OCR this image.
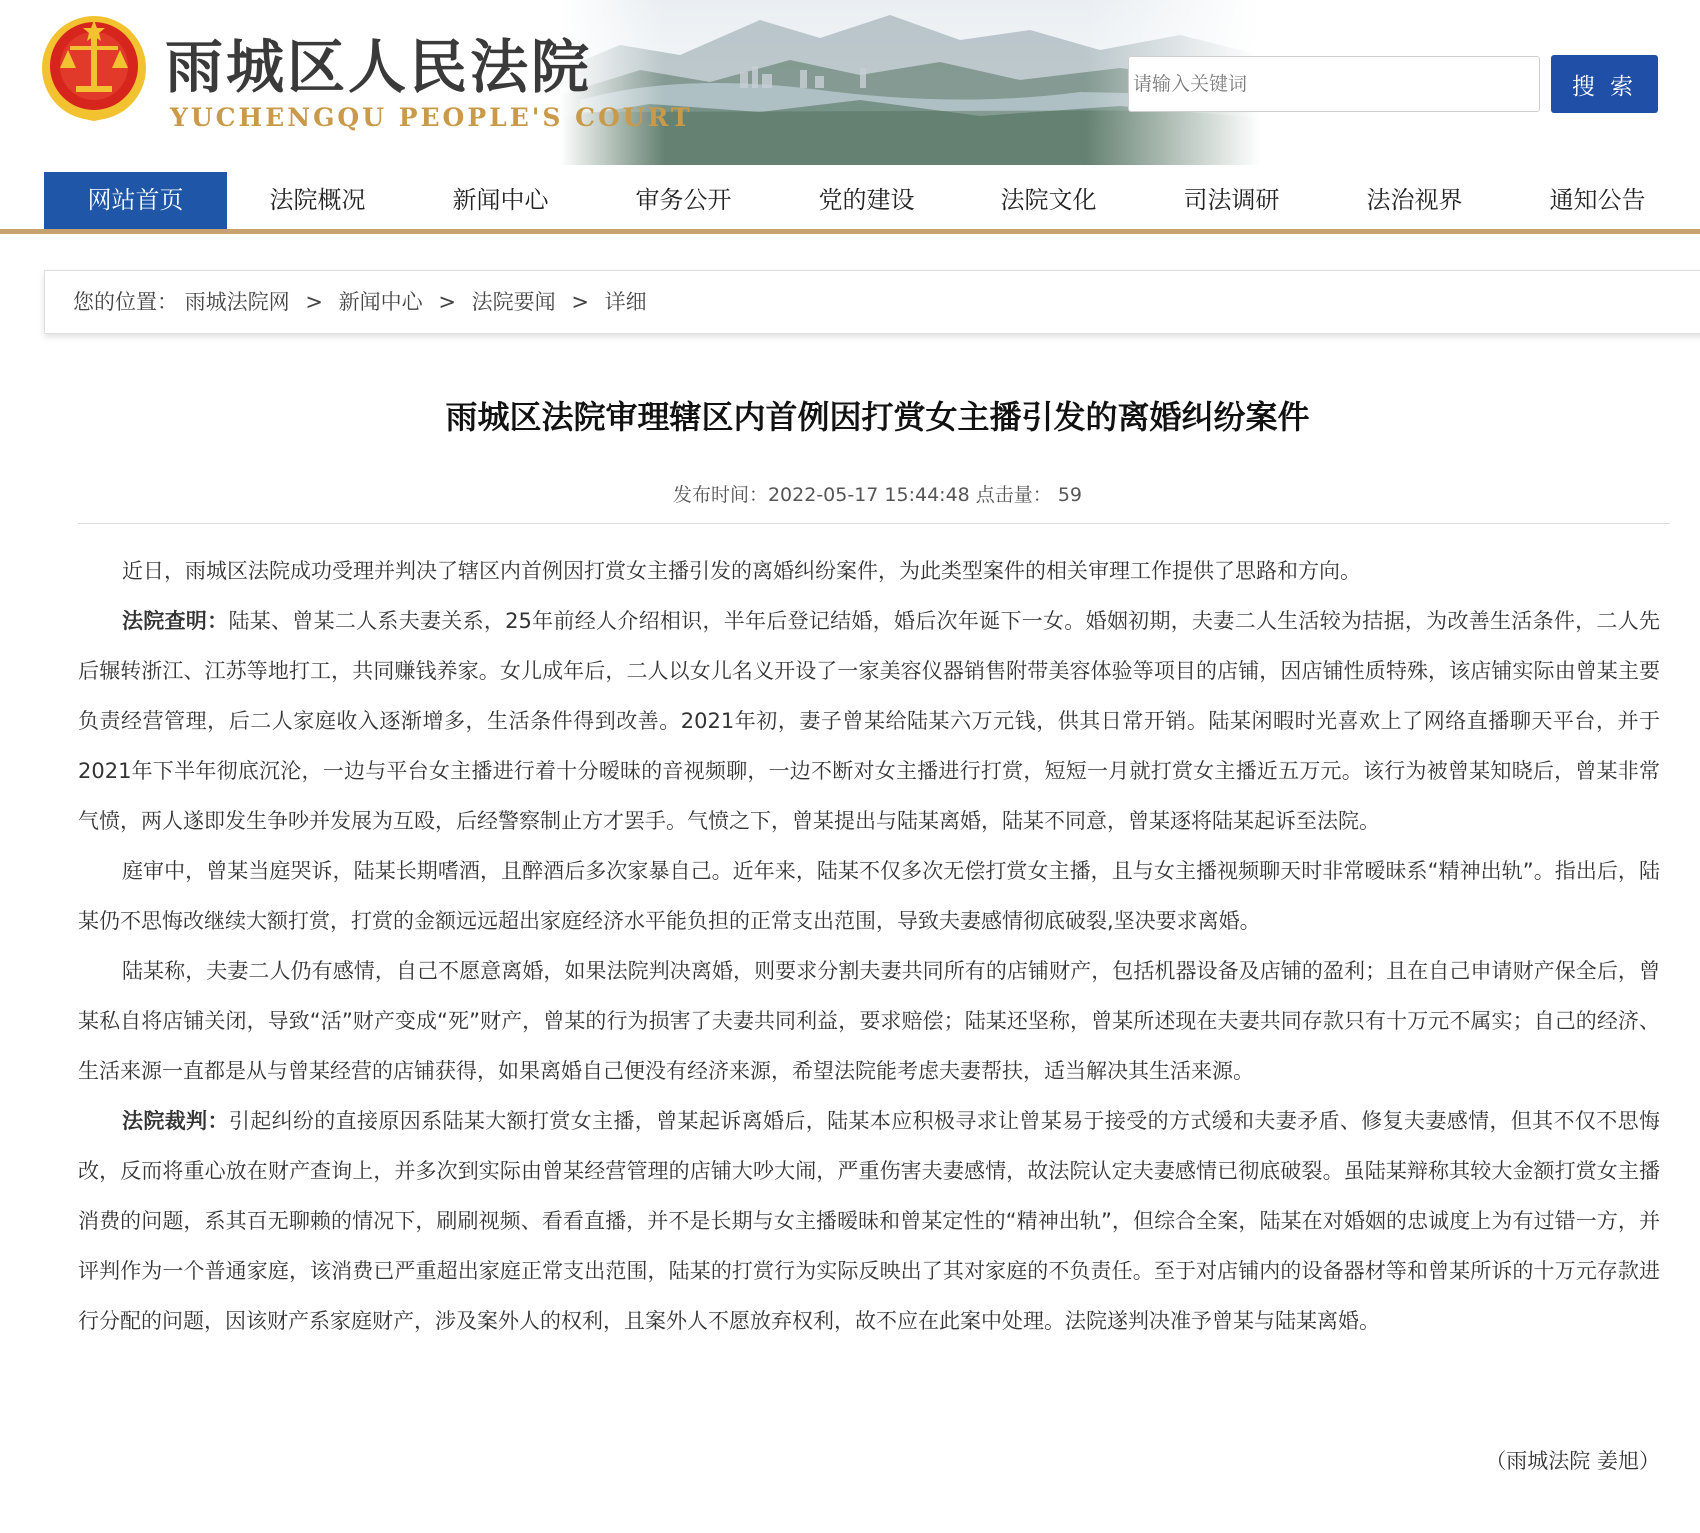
雨城区人民法院
YUCHENGQU PEOPLE'S COURT
请输入关键词
搜 索
网站首页	法院概况	新闻中心	审务公开	党的建设	法院文化	司法调研	法治视界	通知公告
您的位置： 雨城法院网 > 新闻中心 > 法院要闻 > 详细
雨城区法院审理辖区内首例因打赏女主播引发的离婚纠纷案件
发布时间：2022-05-17 15:44:48 点击量： 59

近日，雨城区法院成功受理并判决了辖区内首例因打赏女主播引发的离婚纠纷案件，为此类型案件的相关审理工作提供了思路和方向。

法院查明：陆某、曾某二人系夫妻关系，25年前经人介绍相识，半年后登记结婚，婚后次年诞下一女。婚姻初期，夫妻二人生活较为拮据，为改善生活条件，二人先后辗转浙江、江苏等地打工，共同赚钱养家。女儿成年后，二人以女儿名义开设了一家美容仪器销售附带美容体验等项目的店铺，因店铺性质特殊，该店铺实际由曾某主要负责经营管理，后二人家庭收入逐渐增多，生活条件得到改善。2021年初，妻子曾某给陆某六万元钱，供其日常开销。陆某闲暇时光喜欢上了网络直播聊天平台，并于2021年下半年彻底沉沦，一边与平台女主播进行着十分暧昧的音视频聊，一边不断对女主播进行打赏，短短一月就打赏女主播近五万元。该行为被曾某知晓后，曾某非常气愤，两人遂即发生争吵并发展为互殴，后经警察制止方才罢手。气愤之下，曾某提出与陆某离婚，陆某不同意，曾某逐将陆某起诉至法院。

庭审中，曾某当庭哭诉，陆某长期嗜酒，且醉酒后多次家暴自己。近年来，陆某不仅多次无偿打赏女主播，且与女主播视频聊天时非常暧昧系“精神出轨”。指出后，陆某仍不思悔改继续大额打赏，打赏的金额远远超出家庭经济水平能负担的正常支出范围，导致夫妻感情彻底破裂,坚决要求离婚。

陆某称，夫妻二人仍有感情，自己不愿意离婚，如果法院判决离婚，则要求分割夫妻共同所有的店铺财产，包括机器设备及店铺的盈利；且在自己申请财产保全后，曾某私自将店铺关闭，导致“活”财产变成“死”财产，曾某的行为损害了夫妻共同利益，要求赔偿；陆某还坚称，曾某所述现在夫妻共同存款只有十万元不属实；自己的经济、生活来源一直都是从与曾某经营的店铺获得，如果离婚自己便没有经济来源，希望法院能考虑夫妻帮扶，适当解决其生活来源。

法院裁判：引起纠纷的直接原因系陆某大额打赏女主播，曾某起诉离婚后，陆某本应积极寻求让曾某易于接受的方式缓和夫妻矛盾、修复夫妻感情，但其不仅不思悔改，反而将重心放在财产查询上，并多次到实际由曾某经营管理的店铺大吵大闹，严重伤害夫妻感情，故法院认定夫妻感情已彻底破裂。虽陆某辩称其较大金额打赏女主播消费的问题，系其百无聊赖的情况下，刷刷视频、看看直播，并不是长期与女主播暧昧和曾某定性的“精神出轨”，但综合全案，陆某在对婚姻的忠诚度上为有过错一方，并评判作为一个普通家庭，该消费已严重超出家庭正常支出范围，陆某的打赏行为实际反映出了其对家庭的不负责任。至于对店铺内的设备器材等和曾某所诉的十万元存款进行分配的问题，因该财产系家庭财产，涉及案外人的权利，且案外人不愿放弃权利，故不应在此案中处理。法院遂判决准予曾某与陆某离婚。

（雨城法院 姜旭）
